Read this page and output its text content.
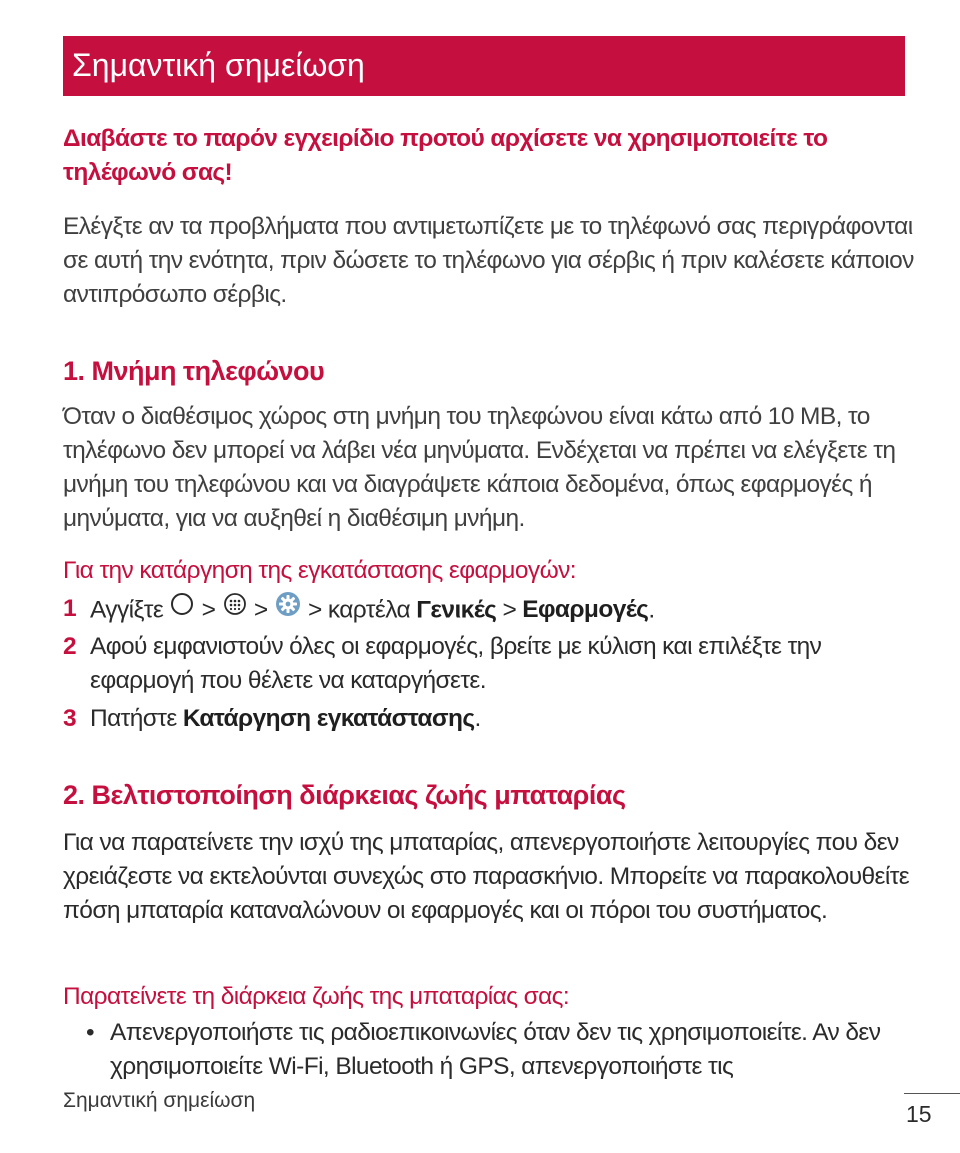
Σημαντική σημείωση
Διαβάστε το παρόν εγχειρίδιο προτού αρχίσετε να χρησιμοποιείτε το τηλέφωνό σας!
Ελέγξτε αν τα προβλήματα που αντιμετωπίζετε με το τηλέφωνό σας περιγράφονται σε αυτή την ενότητα, πριν δώσετε το τηλέφωνο για σέρβις ή πριν καλέσετε κάποιον αντιπρόσωπο σέρβις.
1. Μνήμη τηλεφώνου
Όταν ο διαθέσιμος χώρος στη μνήμη του τηλεφώνου είναι κάτω από 10 MB, το τηλέφωνο δεν μπορεί να λάβει νέα μηνύματα. Ενδέχεται να πρέπει να ελέγξετε τη μνήμη του τηλεφώνου και να διαγράψετε κάποια δεδομένα, όπως εφαρμογές ή μηνύματα, για να αυξηθεί η διαθέσιμη μνήμη.
Για την κατάργηση της εγκατάστασης εφαρμογών:
1 Αγγίξτε > > > καρτέλα Γενικές > Εφαρμογές.
2 Αφού εμφανιστούν όλες οι εφαρμογές, βρείτε με κύλιση και επιλέξτε την εφαρμογή που θέλετε να καταργήσετε.
3 Πατήστε Κατάργηση εγκατάστασης.
2. Βελτιστοποίηση διάρκειας ζωής μπαταρίας
Για να παρατείνετε την ισχύ της μπαταρίας, απενεργοποιήστε λειτουργίες που δεν χρειάζεστε να εκτελούνται συνεχώς στο παρασκήνιο. Μπορείτε να παρακολουθείτε πόση μπαταρία καταναλώνουν οι εφαρμογές και οι πόροι του συστήματος.
Παρατείνετε τη διάρκεια ζωής της μπαταρίας σας:
• Απενεργοποιήστε τις ραδιοεπικοινωνίες όταν δεν τις χρησιμοποιείτε. Αν δεν χρησιμοποιείτε Wi-Fi, Bluetooth ή GPS, απενεργοποιήστε τις
Σημαντική σημείωση
15
